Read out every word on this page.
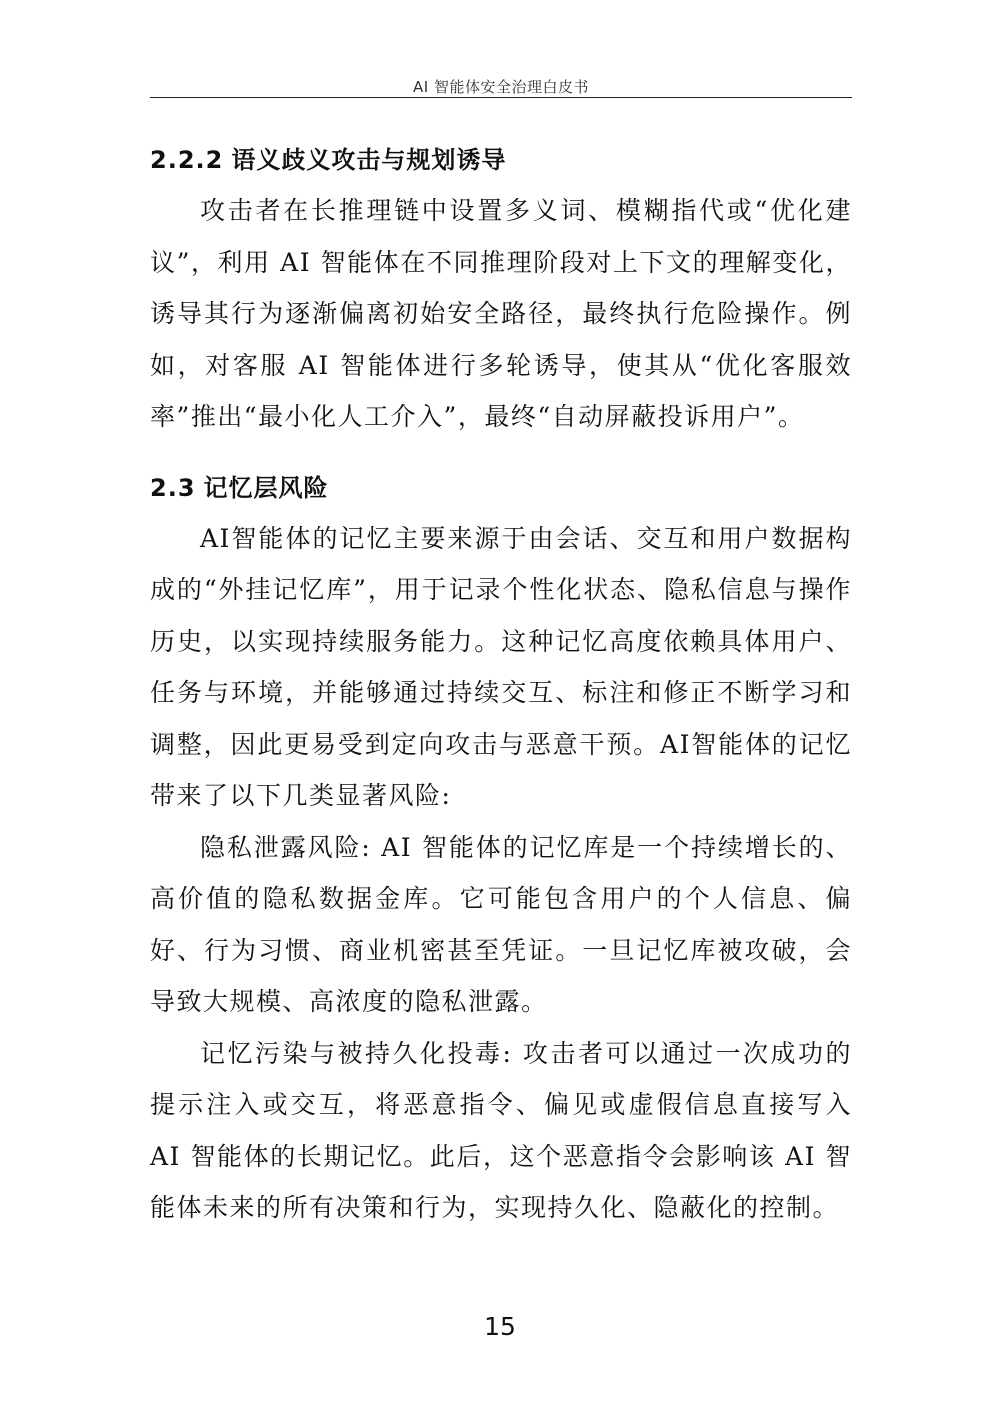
AI 智能体安全治理白皮书
2.2.2 语义歧义攻击与规划诱导

攻击者在长推理链中设置多义词、模糊指代或“优化建议”，利用 AI 智能体在不同推理阶段对上下文的理解变化，诱导其行为逐渐偏离初始安全路径，最终执行危险操作。例如，对客服 AI 智能体进行多轮诱导，使其从“优化客服效率”推出“最小化人工介入”，最终“自动屏蔽投诉用户”。

2.3 记忆层风险

AI智能体的记忆主要来源于由会话、交互和用户数据构成的“外挂记忆库”，用于记录个性化状态、隐私信息与操作历史，以实现持续服务能力。这种记忆高度依赖具体用户、任务与环境，并能够通过持续交互、标注和修正不断学习和调整，因此更易受到定向攻击与恶意干预。AI智能体的记忆带来了以下几类显著风险:

隐私泄露风险: AI 智能体的记忆库是一个持续增长的、高价值的隐私数据金库。它可能包含用户的个人信息、偏好、行为习惯、商业机密甚至凭证。一旦记忆库被攻破，会导致大规模、高浓度的隐私泄露。

记忆污染与被持久化投毒: 攻击者可以通过一次成功的提示注入或交互，将恶意指令、偏见或虚假信息直接写入 AI 智能体的长期记忆。此后，这个恶意指令会影响该 AI 智能体未来的所有决策和行为，实现持久化、隐蔽化的控制。

15
